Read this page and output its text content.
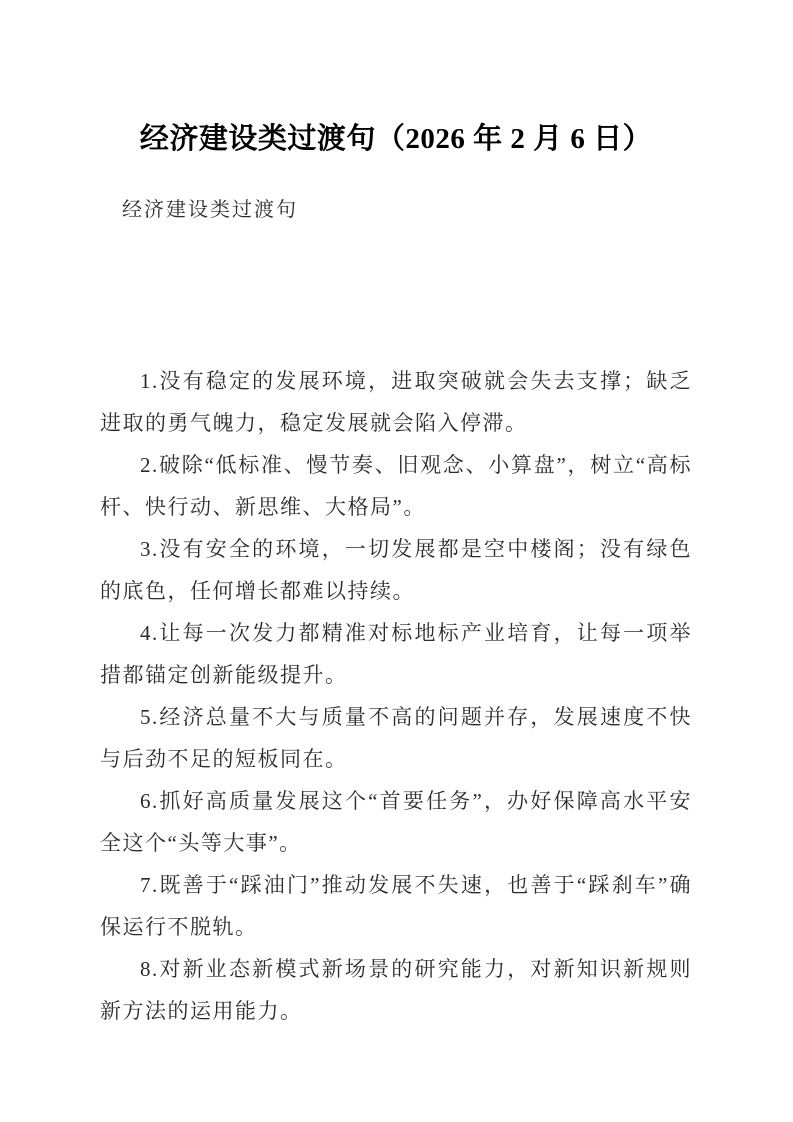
经济建设类过渡句（2026 年 2 月 6 日）

经济建设类过渡句

1.没有稳定的发展环境，进取突破就会失去支撑；缺乏进取的勇气魄力，稳定发展就会陷入停滞。

2.破除“低标准、慢节奏、旧观念、小算盘”，树立“高标杆、快行动、新思维、大格局”。

3.没有安全的环境，一切发展都是空中楼阁；没有绿色的底色，任何增长都难以持续。

4.让每一次发力都精准对标地标产业培育，让每一项举措都锚定创新能级提升。

5.经济总量不大与质量不高的问题并存，发展速度不快与后劲不足的短板同在。

6.抓好高质量发展这个“首要任务”，办好保障高水平安全这个“头等大事”。

7.既善于“踩油门”推动发展不失速，也善于“踩刹车”确保运行不脱轨。

8.对新业态新模式新场景的研究能力，对新知识新规则新方法的运用能力。
